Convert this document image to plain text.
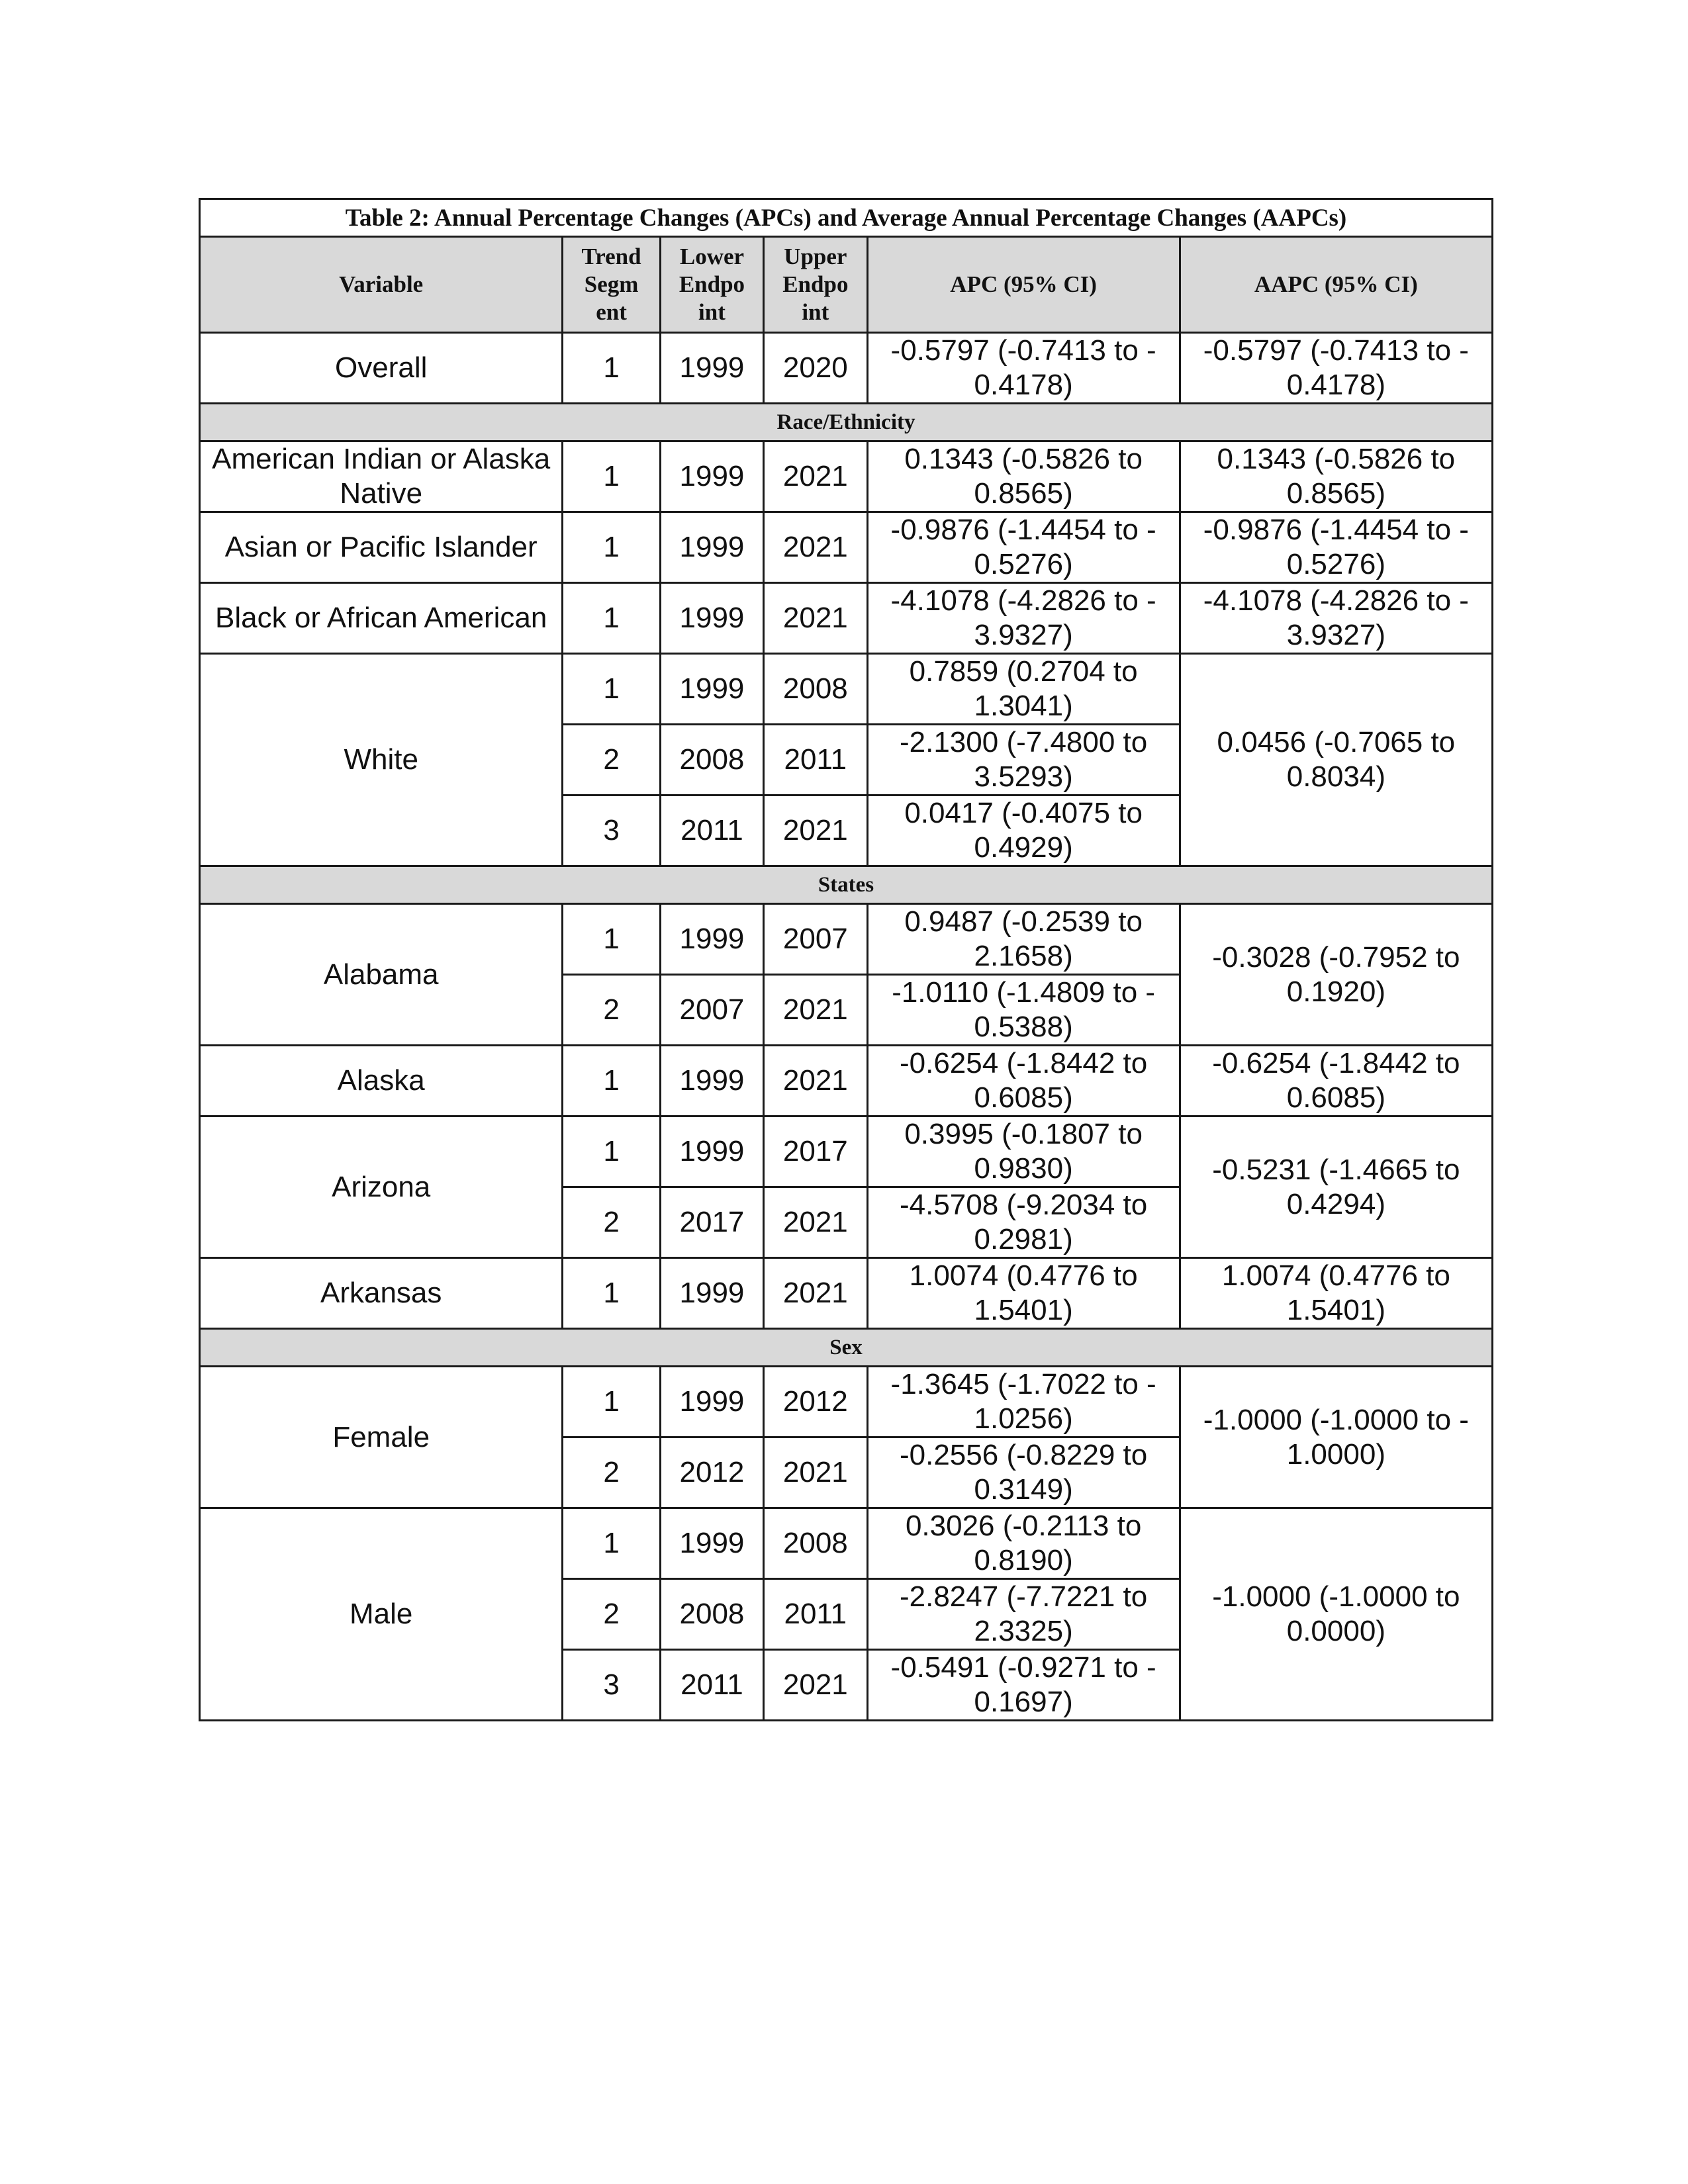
Table 2: Annual Percentage Changes (APCs) and Average Annual Percentage Changes (AAPCs)					
Variable	Trend Segm ent	Lower Endpo int	Upper Endpo int	APC (95% CI)	AAPC (95% CI)
Overall	1	1999	2020	-0.5797 (-0.7413 to - 0.4178)	-0.5797 (-0.7413 to - 0.4178)
Race/Ethnicity					
American Indian or Alaska Native	1	1999	2021	0.1343 (-0.5826 to 0.8565)	0.1343 (-0.5826 to 0.8565)
Asian or Pacific Islander	1	1999	2021	-0.9876 (-1.4454 to - 0.5276)	-0.9876 (-1.4454 to - 0.5276)
Black or African American	1	1999	2021	-4.1078 (-4.2826 to - 3.9327)	-4.1078 (-4.2826 to - 3.9327)
White	1	1999	2008	0.7859 (0.2704 to 1.3041)	0.0456 (-0.7065 to 0.8034)
	2	2008	2011	-2.1300 (-7.4800 to 3.5293)	
	3	2011	2021	0.0417 (-0.4075 to 0.4929)	
States					
Alabama	1	1999	2007	0.9487 (-0.2539 to 2.1658)	-0.3028 (-0.7952 to 0.1920)
	2	2007	2021	-1.0110 (-1.4809 to - 0.5388)	
Alaska	1	1999	2021	-0.6254 (-1.8442 to 0.6085)	-0.6254 (-1.8442 to 0.6085)
Arizona	1	1999	2017	0.3995 (-0.1807 to 0.9830)	-0.5231 (-1.4665 to 0.4294)
	2	2017	2021	-4.5708 (-9.2034 to 0.2981)	
Arkansas	1	1999	2021	1.0074 (0.4776 to 1.5401)	1.0074 (0.4776 to 1.5401)
Sex					
Female	1	1999	2012	-1.3645 (-1.7022 to - 1.0256)	-1.0000 (-1.0000 to - 1.0000)
	2	2012	2021	-0.2556 (-0.8229 to 0.3149)	
Male	1	1999	2008	0.3026 (-0.2113 to 0.8190)	-1.0000 (-1.0000 to 0.0000)
	2	2008	2011	-2.8247 (-7.7221 to 2.3325)	
	3	2011	2021	-0.5491 (-0.9271 to - 0.1697)	
